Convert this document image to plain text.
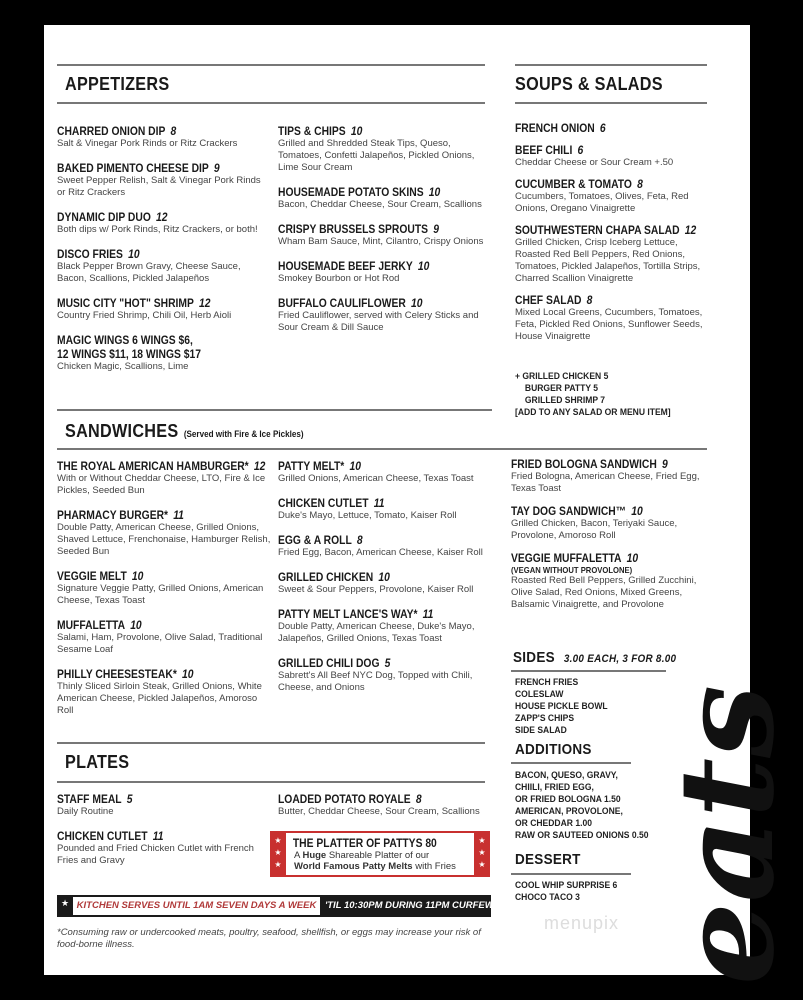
APPETIZERS
CHARRED ONION DIP 8
Salt & Vinegar Pork Rinds or Ritz Crackers
BAKED PIMENTO CHEESE DIP 9
Sweet Pepper Relish, Salt & Vinegar Pork Rinds or Ritz Crackers
DYNAMIC DIP DUO 12
Both dips w/ Pork Rinds, Ritz Crackers, or both!
DISCO FRIES 10
Black Pepper Brown Gravy, Cheese Sauce, Bacon, Scallions, Pickled Jalapeños
MUSIC CITY "HOT" SHRIMP 12
Country Fried Shrimp, Chili Oil, Herb Aioli
MAGIC WINGS 6 WINGS $6,
12 WINGS $11, 18 WINGS $17
Chicken Magic, Scallions, Lime
TIPS & CHIPS 10
Grilled and Shredded Steak Tips, Queso, Tomatoes, Confetti Jalapeños, Pickled Onions, Lime Sour Cream
HOUSEMADE POTATO SKINS 10
Bacon, Cheddar Cheese, Sour Cream, Scallions
CRISPY BRUSSELS SPROUTS 9
Wham Bam Sauce, Mint, Cilantro, Crispy Onions
HOUSEMADE BEEF JERKY 10
Smokey Bourbon or Hot Rod
BUFFALO CAULIFLOWER 10
Fried Cauliflower, served with Celery Sticks and Sour Cream & Dill Sauce
SOUPS & SALADS
FRENCH ONION 6
BEEF CHILI 6
Cheddar Cheese or Sour Cream +.50
CUCUMBER & TOMATO 8
Cucumbers, Tomatoes, Olives, Feta, Red Onions, Oregano Vinaigrette
SOUTHWESTERN CHAPA SALAD 12
Grilled Chicken, Crisp Iceberg Lettuce, Roasted Red Bell Peppers, Red Onions, Tomatoes, Pickled Jalapeños, Tortilla Strips, Charred Scallion Vinaigrette
CHEF SALAD 8
Mixed Local Greens, Cucumbers, Tomatoes, Feta, Pickled Red Onions, Sunflower Seeds, House Vinaigrette
+ GRILLED CHICKEN 5
BURGER PATTY 5
GRILLED SHRIMP 7
[ADD TO ANY SALAD OR MENU ITEM]
SANDWICHES (Served with Fire & Ice Pickles)
THE ROYAL AMERICAN HAMBURGER* 12
With or Without Cheddar Cheese, LTO, Fire & Ice Pickles, Seeded Bun
PHARMACY BURGER* 11
Double Patty, American Cheese, Grilled Onions, Shaved Lettuce, Frenchonaise, Hamburger Relish, Seeded Bun
VEGGIE MELT 10
Signature Veggie Patty, Grilled Onions, American Cheese, Texas Toast
MUFFALETTA 10
Salami, Ham, Provolone, Olive Salad, Traditional Sesame Loaf
PHILLY CHEESESTEAK* 10
Thinly Sliced Sirloin Steak, Grilled Onions, White American Cheese, Pickled Jalapeños, Amoroso Roll
PATTY MELT* 10
Grilled Onions, American Cheese, Texas Toast
CHICKEN CUTLET 11
Duke's Mayo, Lettuce, Tomato, Kaiser Roll
EGG & A ROLL 8
Fried Egg, Bacon, American Cheese, Kaiser Roll
GRILLED CHICKEN 10
Sweet & Sour Peppers, Provolone, Kaiser Roll
PATTY MELT LANCE'S WAY* 11
Double Patty, American Cheese, Duke's Mayo, Jalapeños, Grilled Onions, Texas Toast
GRILLED CHILI DOG 5
Sabrett's All Beef NYC Dog, Topped with Chili, Cheese, and Onions
FRIED BOLOGNA SANDWICH 9
Fried Bologna, American Cheese, Fried Egg, Texas Toast
TAY DOG SANDWICH™ 10
Grilled Chicken, Bacon, Teriyaki Sauce, Provolone, Amoroso Roll
VEGGIE MUFFALETTA 10
(VEGAN WITHOUT PROVOLONE)
Roasted Red Bell Peppers, Grilled Zucchini, Olive Salad, Red Onions, Mixed Greens, Balsamic Vinaigrette, and Provolone
SIDES 3.00 EACH, 3 FOR 8.00
FRENCH FRIES
COLESLAW
HOUSE PICKLE BOWL
ZAPP'S CHIPS
SIDE SALAD
ADDITIONS
BACON, QUESO, GRAVY,
CHIILI, FRIED EGG,
OR FRIED BOLOGNA 1.50
AMERICAN, PROVOLONE,
OR CHEDDAR 1.00
RAW OR SAUTEED ONIONS 0.50
DESSERT
COOL WHIP SURPRISE 6
CHOCO TACO 3
menupix
PLATES
STAFF MEAL 5
Daily Routine
CHICKEN CUTLET 11
Pounded and Fried Chicken Cutlet with French Fries and Gravy
LOADED POTATO ROYALE 8
Butter, Cheddar Cheese, Sour Cream, Scallions
★
★
★
THE PLATTER OF PATTYS 80
A Huge Shareable Platter of our
World Famous Patty Melts with Fries
★
★
★
★ KITCHEN SERVES UNTIL 1AM SEVEN DAYS A WEEK 'TIL 10:30PM DURING 11PM CURFEW
*Consuming raw or undercooked meats, poultry, seafood, shellfish, or eggs may increase your risk of food-borne illness.	eats
